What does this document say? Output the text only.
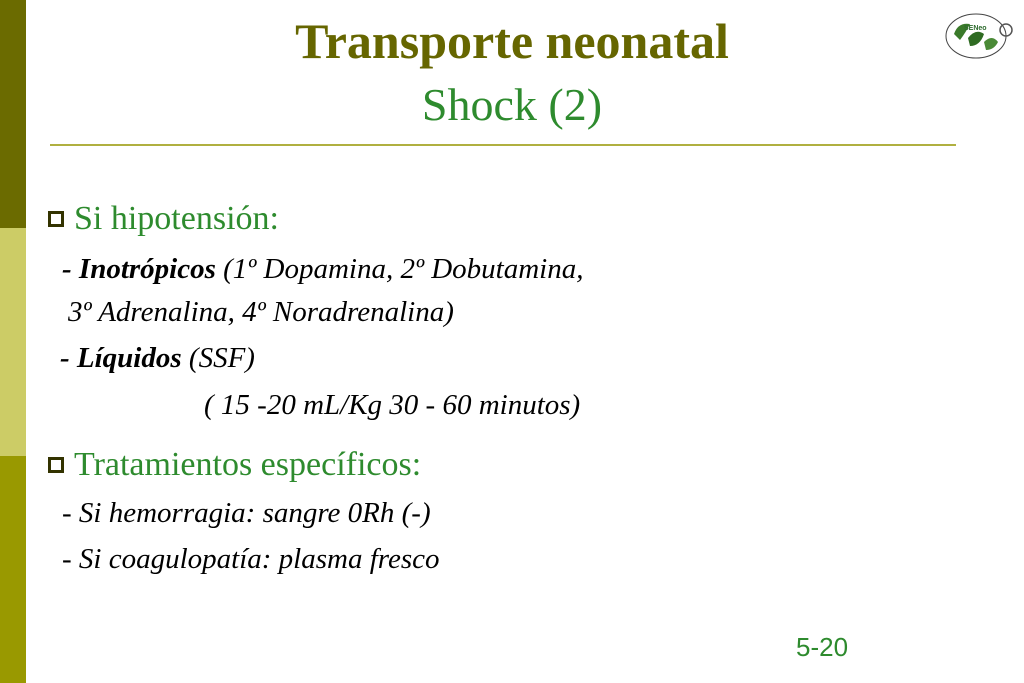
Transporte neonatal
Shock (2)
SENeo
Si hipotensión:
- Inotrópicos (1º Dopamina, 2º Dobutamina,
3º Adrenalina, 4º Noradrenalina)
- Líquidos (SSF)
( 15 -20 mL/Kg 30 - 60 minutos)
Tratamientos específicos:
- Si hemorragia: sangre 0Rh (-)
- Si coagulopatía: plasma fresco
5-20
